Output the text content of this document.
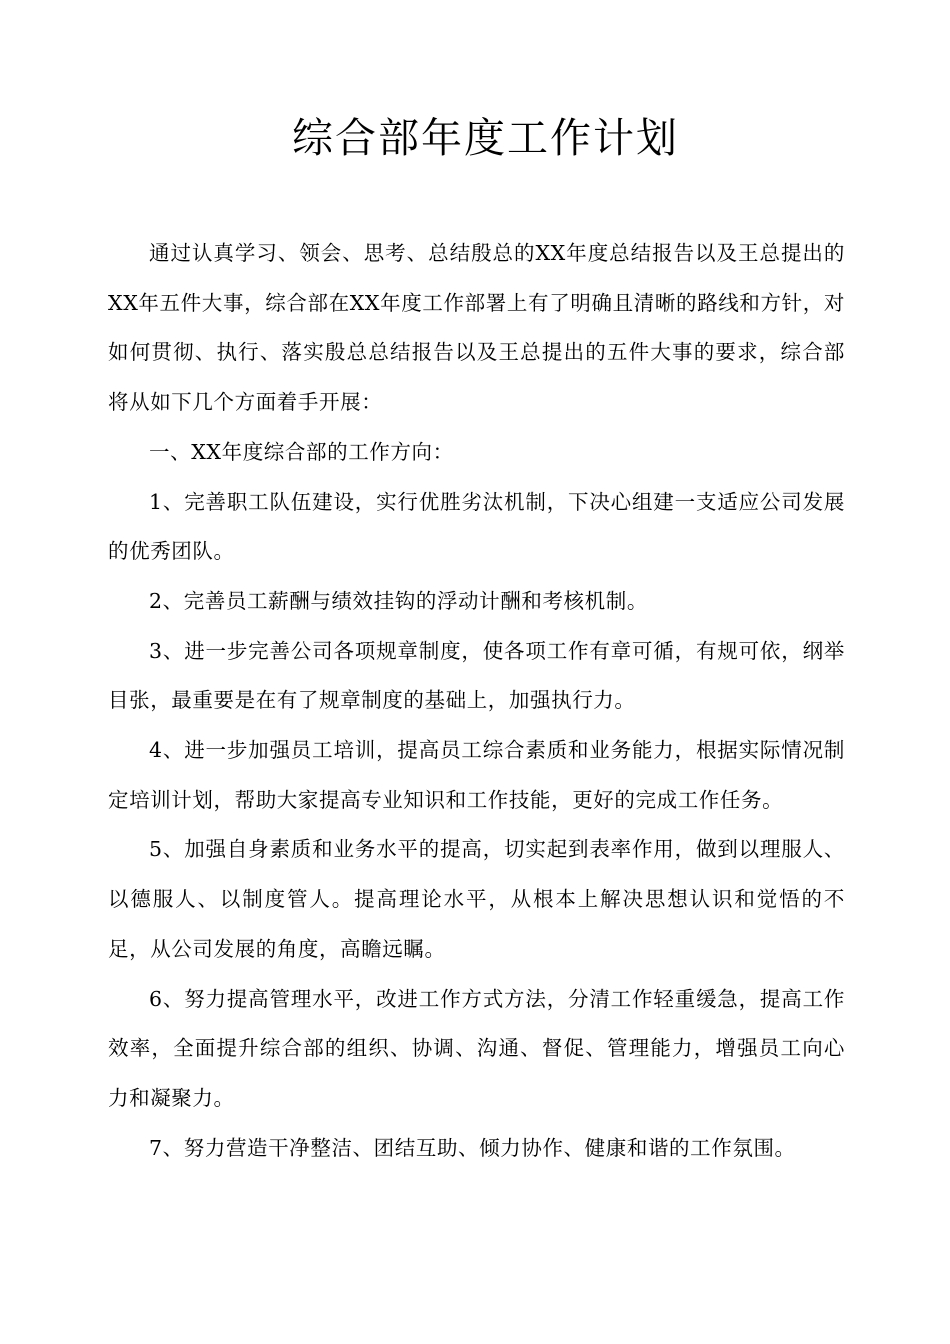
综合部年度工作计划

通过认真学习、领会、思考、总结殷总的XX年度总结报告以及王总提出的XX年五件大事，综合部在XX年度工作部署上有了明确且清晰的路线和方针，对如何贯彻、执行、落实殷总总结报告以及王总提出的五件大事的要求，综合部将从如下几个方面着手开展：

一、XX年度综合部的工作方向：

1、完善职工队伍建设，实行优胜劣汰机制，下决心组建一支适应公司发展的优秀团队。

2、完善员工薪酬与绩效挂钩的浮动计酬和考核机制。

3、进一步完善公司各项规章制度，使各项工作有章可循，有规可依，纲举目张，最重要是在有了规章制度的基础上，加强执行力。

4、进一步加强员工培训，提高员工综合素质和业务能力，根据实际情况制定培训计划，帮助大家提高专业知识和工作技能，更好的完成工作任务。

5、加强自身素质和业务水平的提高，切实起到表率作用，做到以理服人、以德服人、以制度管人。提高理论水平，从根本上解决思想认识和觉悟的不足，从公司发展的角度，高瞻远瞩。

6、努力提高管理水平，改进工作方式方法，分清工作轻重缓急，提高工作效率，全面提升综合部的组织、协调、沟通、督促、管理能力，增强员工向心力和凝聚力。

7、努力营造干净整洁、团结互助、倾力协作、健康和谐的工作氛围。
